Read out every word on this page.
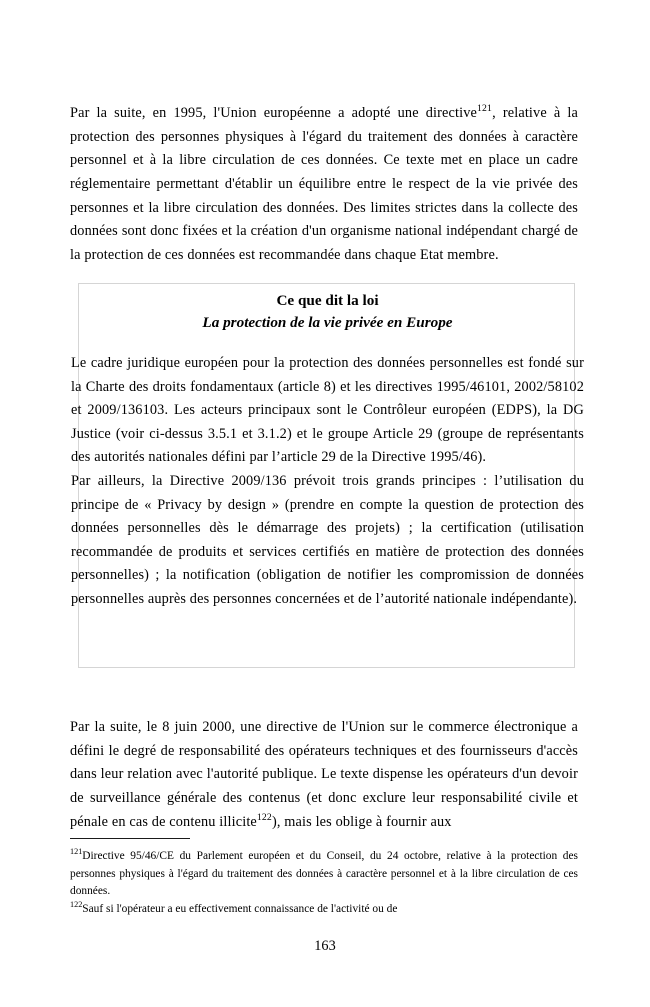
Par la suite, en 1995, l'Union européenne a adopté une directive$^{121}$, relative à la protection des personnes physiques à l'égard du traitement des données à caractère personnel et à la libre circulation de ces données. Ce texte met en place un cadre réglementaire permettant d'établir un équilibre entre le respect de la vie privée des personnes et la libre circulation des données. Des limites strictes dans la collecte des données sont donc fixées et la création d'un organisme national indépendant chargé de la protection de ces données est recommandée dans chaque Etat membre.

Ce que dit la loi
La protection de la vie privée en Europe

Le cadre juridique européen pour la protection des données personnelles est fondé sur la Charte des droits fondamentaux (article 8) et les directives 1995/46101, 2002/58102 et 2009/136103. Les acteurs principaux sont le Contrôleur européen (EDPS), la DG Justice (voir ci-dessus 3.5.1 et 3.1.2) et le groupe Article 29 (groupe de représentants des autorités nationales défini par l’article 29 de la Directive 1995/46).

Par ailleurs, la Directive 2009/136 prévoit trois grands principes : l’utilisation du principe de « Privacy by design » (prendre en compte la question de protection des données personnelles dès le démarrage des projets) ; la certification (utilisation recommandée de produits et services certifiés en matière de protection des données personnelles) ; la notification (obligation de notifier les compromission de données personnelles auprès des personnes concernées et de l’autorité nationale indépendante).

Par la suite, le 8 juin 2000, une directive de l'Union sur le commerce électronique a défini le degré de responsabilité des opérateurs techniques et des fournisseurs d'accès dans leur relation avec l'autorité publique. Le texte dispense les opérateurs d'un devoir de surveillance générale des contenus (et donc exclure leur responsabilité civile et pénale en cas de contenu illicite$^{122}$), mais les oblige à fournir aux

$^{121}$Directive 95/46/CE du Parlement européen et du Conseil, du 24 octobre, relative à la protection des personnes physiques à l'égard du traitement des données à caractère personnel et à la libre circulation de ces données.

$^{122}$Sauf si l'opérateur a eu effectivement connaissance de l'activité ou de

163
